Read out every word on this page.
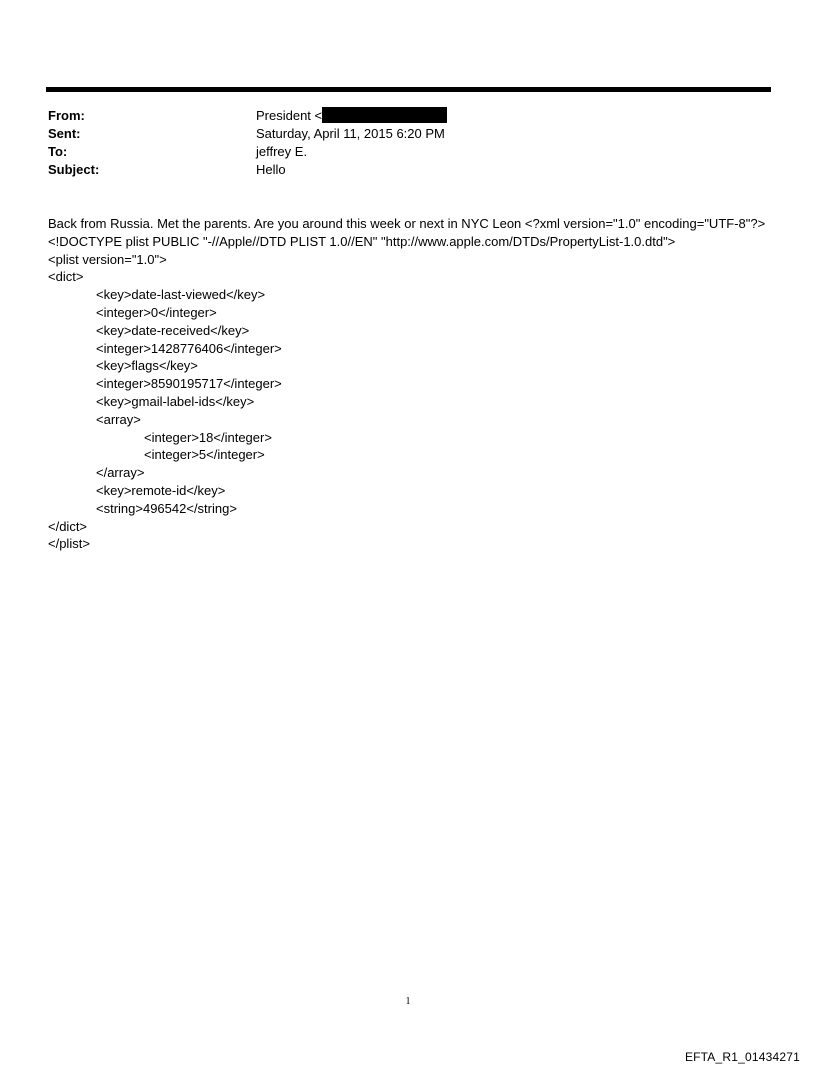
From:	President <
Sent:	Saturday, April 11, 2015 6:20 PM
To:	jeffrey E.
Subject:	Hello

Back from Russia. Met the parents. Are you around this week or next in NYC Leon <?xml version="1.0" encoding="UTF-8"?> <!DOCTYPE plist PUBLIC "-//Apple//DTD PLIST 1.0//EN" "http://www.apple.com/DTDs/PropertyList-1.0.dtd">

<plist version="1.0">
<dict>
<key>date-last-viewed</key>
<integer>0</integer>
<key>date-received</key>
<integer>1428776406</integer>
<key>flags</key>
<integer>8590195717</integer>
<key>gmail-label-ids</key>
<array>
<integer>18</integer>
<integer>5</integer>
</array>
<key>remote-id</key>
<string>496542</string>
</dict>
</plist>
1
EFTA_R1_01434271
